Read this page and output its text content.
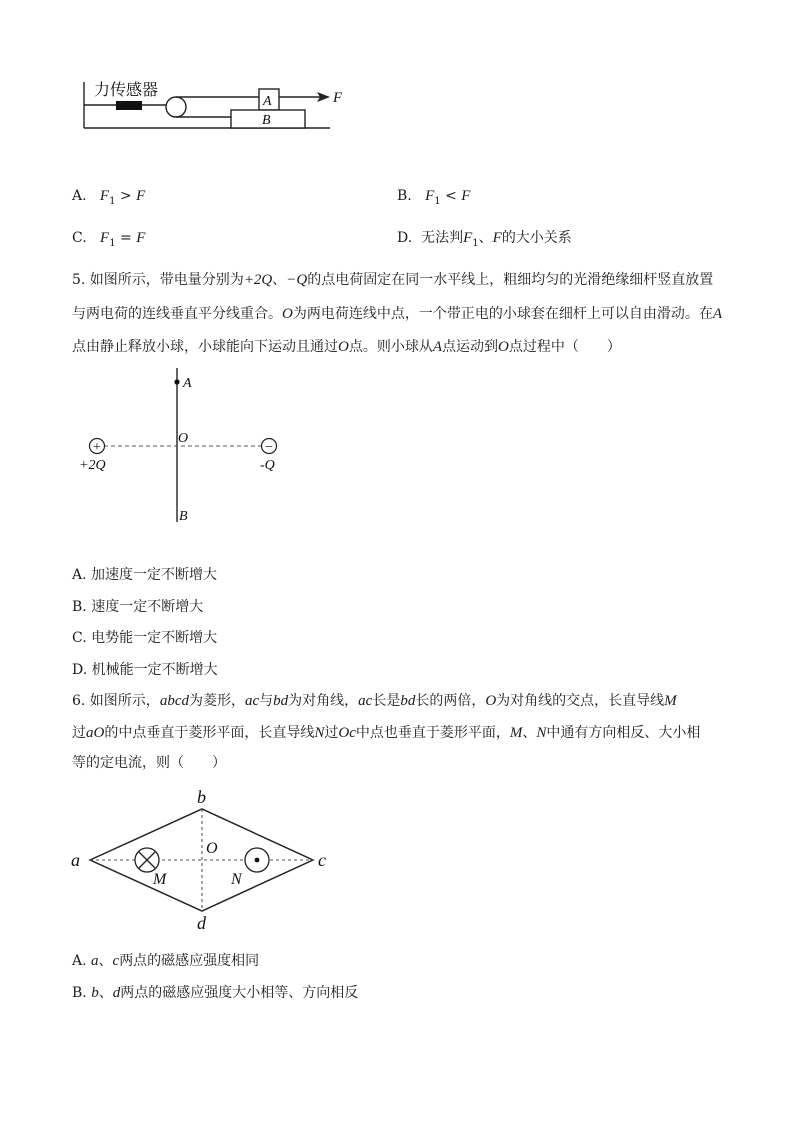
力传感器
A
B
F
A. $F_1 > F$	B. $F_1 < F$
C. $F_1 = F$	D. 无法判$F_1$、F的大小关系
5. 如图所示，带电量分别为+2Q、−Q的点电荷固定在同一水平线上，粗细均匀的光滑绝缘细杆竖直放置
与两电荷的连线垂直平分线重合。O为两电荷连线中点，一个带正电的小球套在细杆上可以自由滑动。在A
点由静止释放小球，小球能向下运动且通过O点。则小球从A点运动到O点过程中（　　）
+	−
A
O
B
+2Q	-Q
A. 加速度一定不断增大
B. 速度一定不断增大
C. 电势能一定不断增大
D. 机械能一定不断增大
6. 如图所示，abcd为菱形，ac与bd为对角线，ac长是bd长的两倍，O为对角线的交点，长直导线M
过aO的中点垂直于菱形平面，长直导线N过Oc中点也垂直于菱形平面，M、N中通有方向相反、大小相
等的定电流，则（　　）
a
b
c
d
O
M	N
A. a、c两点的磁感应强度相同
B. b、d两点的磁感应强度大小相等、方向相反
